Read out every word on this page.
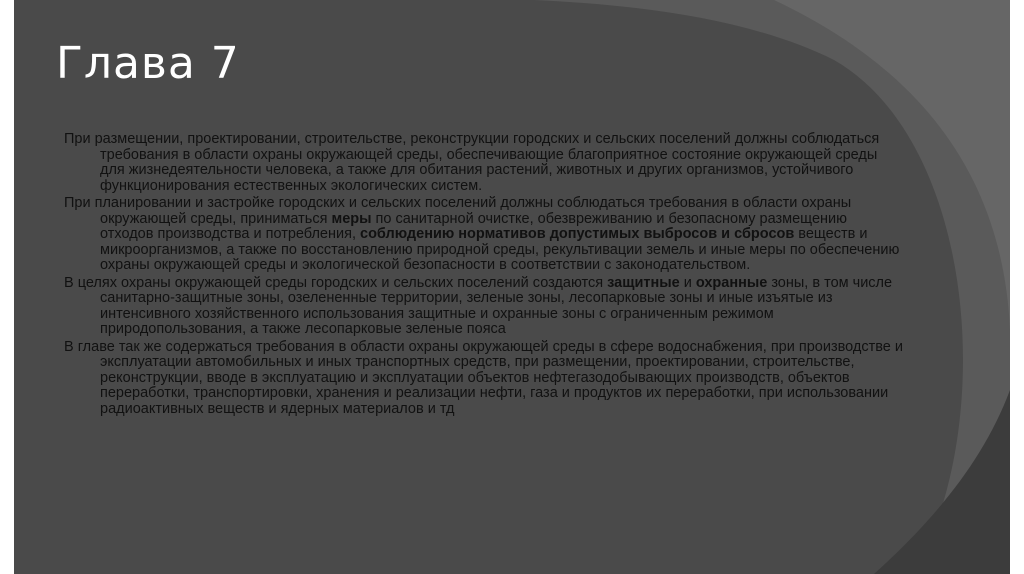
Глава 7

При размещении, проектировании, строительстве, реконструкции городских и сельских поселений должны соблюдаться требования в области охраны окружающей среды, обеспечивающие благоприятное состояние окружающей среды для жизнедеятельности человека, а также для обитания растений, животных и других организмов, устойчивого функционирования естественных экологических систем.

При планировании и застройке городских и сельских поселений должны соблюдаться требования в области охраны окружающей среды, приниматься меры по санитарной очистке, обезвреживанию и безопасному размещению отходов производства и потребления, соблюдению нормативов допустимых выбросов и сбросов веществ и микроорганизмов, а также по восстановлению природной среды, рекультивации земель и иные меры по обеспечению охраны окружающей среды и экологической безопасности в соответствии с законодательством.

В целях охраны окружающей среды городских и сельских поселений создаются защитные и охранные зоны, в том числе санитарно-защитные зоны, озелененные территории, зеленые зоны, лесопарковые зоны и иные изъятые из интенсивного хозяйственного использования защитные и охранные зоны с ограниченным режимом природопользования, а также лесопарковые зеленые пояса

В главе так же содержаться требования в области охраны окружающей среды в сфере водоснабжения, при производстве и эксплуатации автомобильных и иных транспортных средств, при размещении, проектировании, строительстве, реконструкции, вводе в эксплуатацию и эксплуатации объектов нефтегазодобывающих производств, объектов переработки, транспортировки, хранения и реализации нефти, газа и продуктов их переработки, при использовании радиоактивных веществ и ядерных материалов и тд
